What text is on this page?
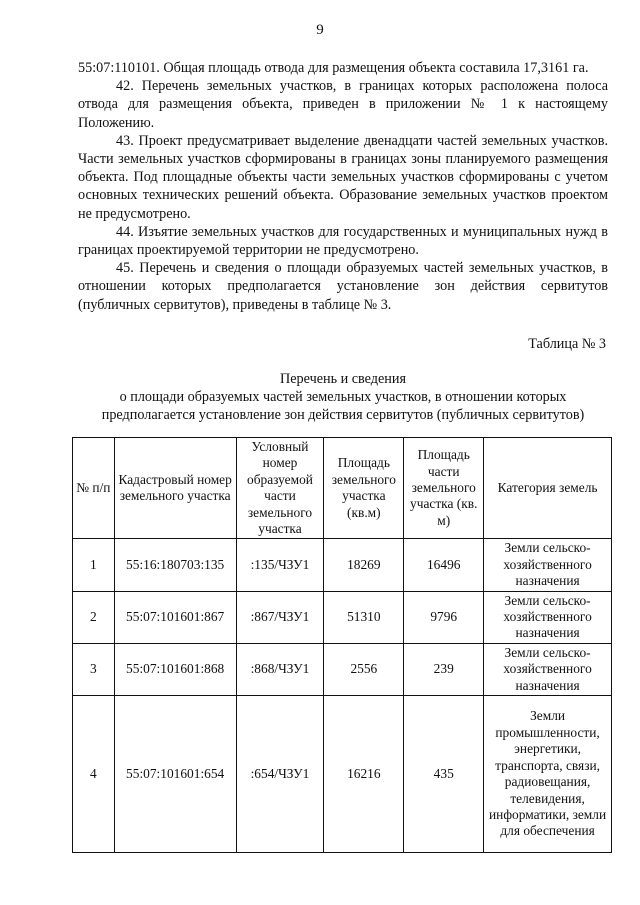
9

55:07:110101. Общая площадь отвода для размещения объекта составила 17,3161 га.

42. Перечень земельных участков, в границах которых расположена полоса отвода для размещения объекта, приведен в приложении № 1 к настоящему Положению.

43. Проект предусматривает выделение двенадцати частей земельных участков. Части земельных участков сформированы в границах зоны планируемого размещения объекта. Под площадные объекты части земельных участков сформированы с учетом основных технических решений объекта. Образование земельных участков проектом не предусмотрено.

44. Изъятие земельных участков для государственных и муниципальных нужд в границах проектируемой территории не предусмотрено.

45. Перечень и сведения о площади образуемых частей земельных участков, в отношении которых предполагается установление зон действия сервитутов (публичных сервитутов), приведены в таблице № 3.

Таблица № 3
Перечень и сведения
о площади образуемых частей земельных участков, в отношении которых
предполагается установление зон действия сервитутов (публичных сервитутов)
№ п/п	Кадастровый номер земельного участка	Условный номер образуемой части земельного участка	Площадь земельного участка (кв.м)	Площадь части земельного участка (кв. м)	Категория земель
1	55:16:180703:135	:135/ЧЗУ1	18269	16496	Земли сельско-хозяйственного назначения
2	55:07:101601:867	:867/ЧЗУ1	51310	9796	Земли сельско-хозяйственного назначения
3	55:07:101601:868	:868/ЧЗУ1	2556	239	Земли сельско-хозяйственного назначения
4	55:07:101601:654	:654/ЧЗУ1	16216	435	Земли промышленности, энергетики, транспорта, связи, радиовещания, телевидения, информатики, земли для обеспечения
